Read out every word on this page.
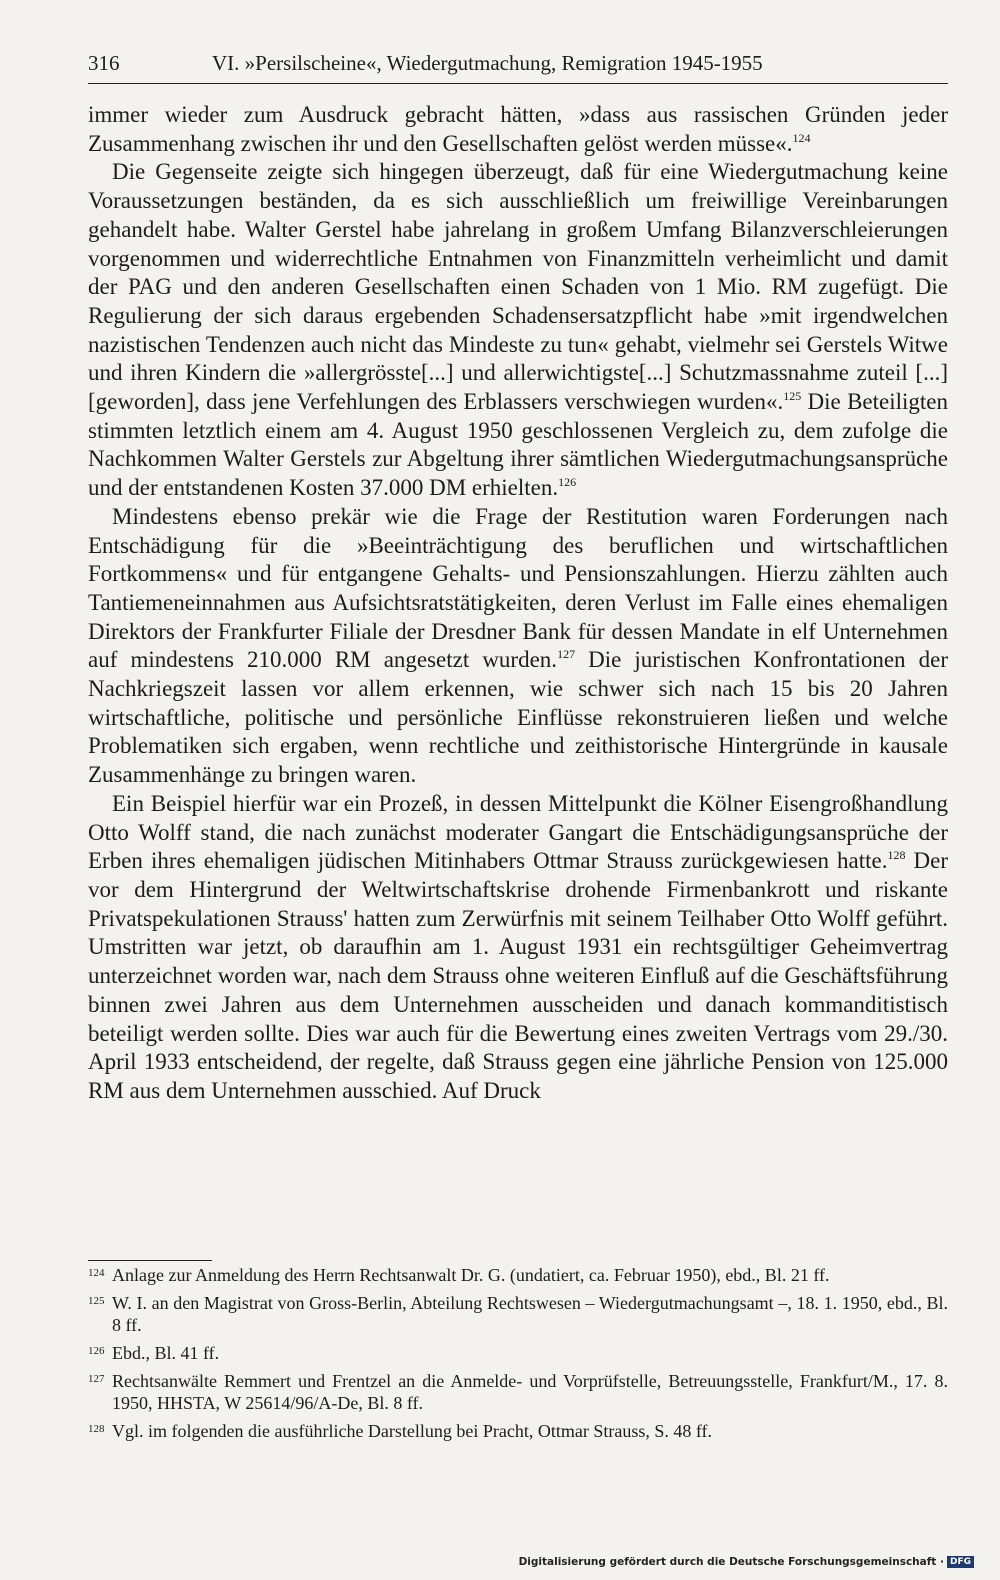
316	VI. »Persilscheine«, Wiedergutmachung, Remigration 1945-1955

immer wieder zum Ausdruck gebracht hätten, »dass aus rassischen Gründen jeder Zusammenhang zwischen ihr und den Gesellschaften gelöst werden müsse«.$^{124}$

Die Gegenseite zeigte sich hingegen überzeugt, daß für eine Wiedergutmachung keine Voraussetzungen beständen, da es sich ausschließlich um freiwillige Vereinbarungen gehandelt habe. Walter Gerstel habe jahrelang in großem Umfang Bilanzverschleierungen vorgenommen und widerrechtliche Entnahmen von Finanzmitteln verheimlicht und damit der PAG und den anderen Gesellschaften einen Schaden von 1 Mio. RM zugefügt. Die Regulierung der sich daraus ergebenden Schadensersatzpflicht habe »mit irgendwelchen nazistischen Tendenzen auch nicht das Mindeste zu tun« gehabt, vielmehr sei Gerstels Witwe und ihren Kindern die »allergrösste[...] und allerwichtigste[...] Schutzmassnahme zuteil [...] [geworden], dass jene Verfehlungen des Erblassers verschwiegen wurden«.$^{125}$ Die Beteiligten stimmten letztlich einem am 4. August 1950 geschlossenen Vergleich zu, dem zufolge die Nachkommen Walter Gerstels zur Abgeltung ihrer sämtlichen Wiedergutmachungsansprüche und der entstandenen Kosten 37.000 DM erhielten.$^{126}$

Mindestens ebenso prekär wie die Frage der Restitution waren Forderungen nach Entschädigung für die »Beeinträchtigung des beruflichen und wirtschaftlichen Fortkommens« und für entgangene Gehalts- und Pensionszahlungen. Hierzu zählten auch Tantiemeneinnahmen aus Aufsichtsratstätigkeiten, deren Verlust im Falle eines ehemaligen Direktors der Frankfurter Filiale der Dresdner Bank für dessen Mandate in elf Unternehmen auf mindestens 210.000 RM angesetzt wurden.$^{127}$ Die juristischen Konfrontationen der Nachkriegszeit lassen vor allem erkennen, wie schwer sich nach 15 bis 20 Jahren wirtschaftliche, politische und persönliche Einflüsse rekonstruieren ließen und welche Problematiken sich ergaben, wenn rechtliche und zeithistorische Hintergründe in kausale Zusammenhänge zu bringen waren.

Ein Beispiel hierfür war ein Prozeß, in dessen Mittelpunkt die Kölner Eisengroßhandlung Otto Wolff stand, die nach zunächst moderater Gangart die Entschädigungsansprüche der Erben ihres ehemaligen jüdischen Mitinhabers Ottmar Strauss zurückgewiesen hatte.$^{128}$ Der vor dem Hintergrund der Weltwirtschaftskrise drohende Firmenbankrott und riskante Privatspekulationen Strauss' hatten zum Zerwürfnis mit seinem Teilhaber Otto Wolff geführt. Umstritten war jetzt, ob daraufhin am 1. August 1931 ein rechtsgültiger Geheimvertrag unterzeichnet worden war, nach dem Strauss ohne weiteren Einfluß auf die Geschäftsführung binnen zwei Jahren aus dem Unternehmen ausscheiden und danach kommanditistisch beteiligt werden sollte. Dies war auch für die Bewertung eines zweiten Vertrags vom 29./30. April 1933 entscheidend, der regelte, daß Strauss gegen eine jährliche Pension von 125.000 RM aus dem Unternehmen ausschied. Auf Druck

124 Anlage zur Anmeldung des Herrn Rechtsanwalt Dr. G. (undatiert, ca. Februar 1950), ebd., Bl. 21 ff.
125 W. I. an den Magistrat von Gross-Berlin, Abteilung Rechtswesen – Wiedergutmachungsamt –, 18. 1. 1950, ebd., Bl. 8 ff.
126 Ebd., Bl. 41 ff.
127 Rechtsanwälte Remmert und Frentzel an die Anmelde- und Vorprüfstelle, Betreuungsstelle, Frankfurt/M., 17. 8. 1950, HHSTA, W 25614/96/A-De, Bl. 8 ff.
128 Vgl. im folgenden die ausführliche Darstellung bei Pracht, Ottmar Strauss, S. 48 ff.
Digitalisierung gefördert durch die Deutsche Forschungsgemeinschaft · DFG
